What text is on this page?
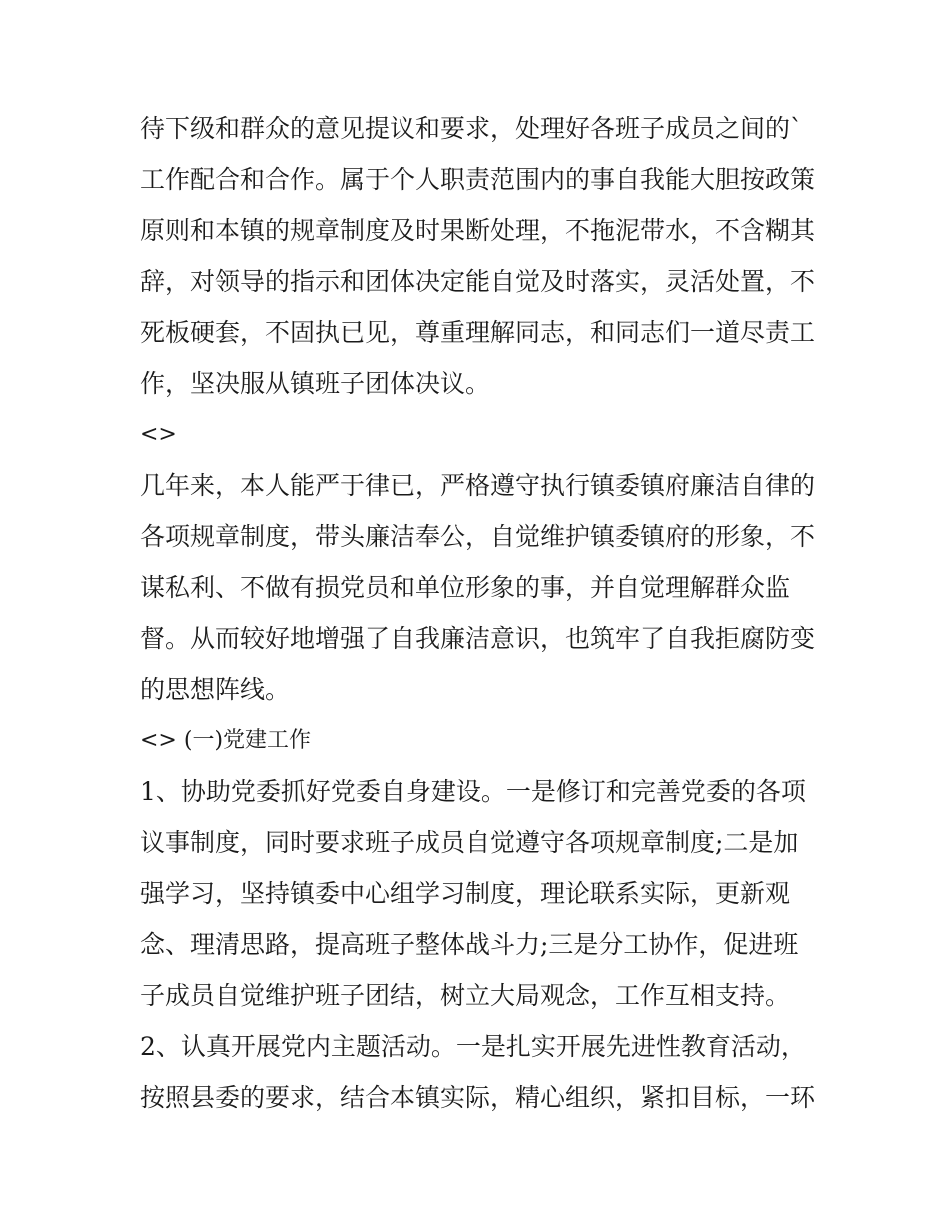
待下级和群众的意见提议和要求，处理好各班子成员之间的`
工作配合和合作。属于个人职责范围内的事自我能大胆按政策
原则和本镇的规章制度及时果断处理，不拖泥带水，不含糊其
辞，对领导的指示和团体决定能自觉及时落实，灵活处置，不
死板硬套，不固执已见，尊重理解同志，和同志们一道尽责工
作，坚决服从镇班子团体决议。
<>
几年来，本人能严于律已，严格遵守执行镇委镇府廉洁自律的
各项规章制度，带头廉洁奉公，自觉维护镇委镇府的形象，不
谋私利、不做有损党员和单位形象的事，并自觉理解群众监
督。从而较好地增强了自我廉洁意识，也筑牢了自我拒腐防变
的思想阵线。
<> (一)党建工作
1、协助党委抓好党委自身建设。一是修订和完善党委的各项
议事制度，同时要求班子成员自觉遵守各项规章制度;二是加
强学习，坚持镇委中心组学习制度，理论联系实际，更新观
念、理清思路，提高班子整体战斗力;三是分工协作，促进班
子成员自觉维护班子团结，树立大局观念，工作互相支持。
2、认真开展党内主题活动。一是扎实开展先进性教育活动，
按照县委的要求，结合本镇实际，精心组织，紧扣目标，一环
